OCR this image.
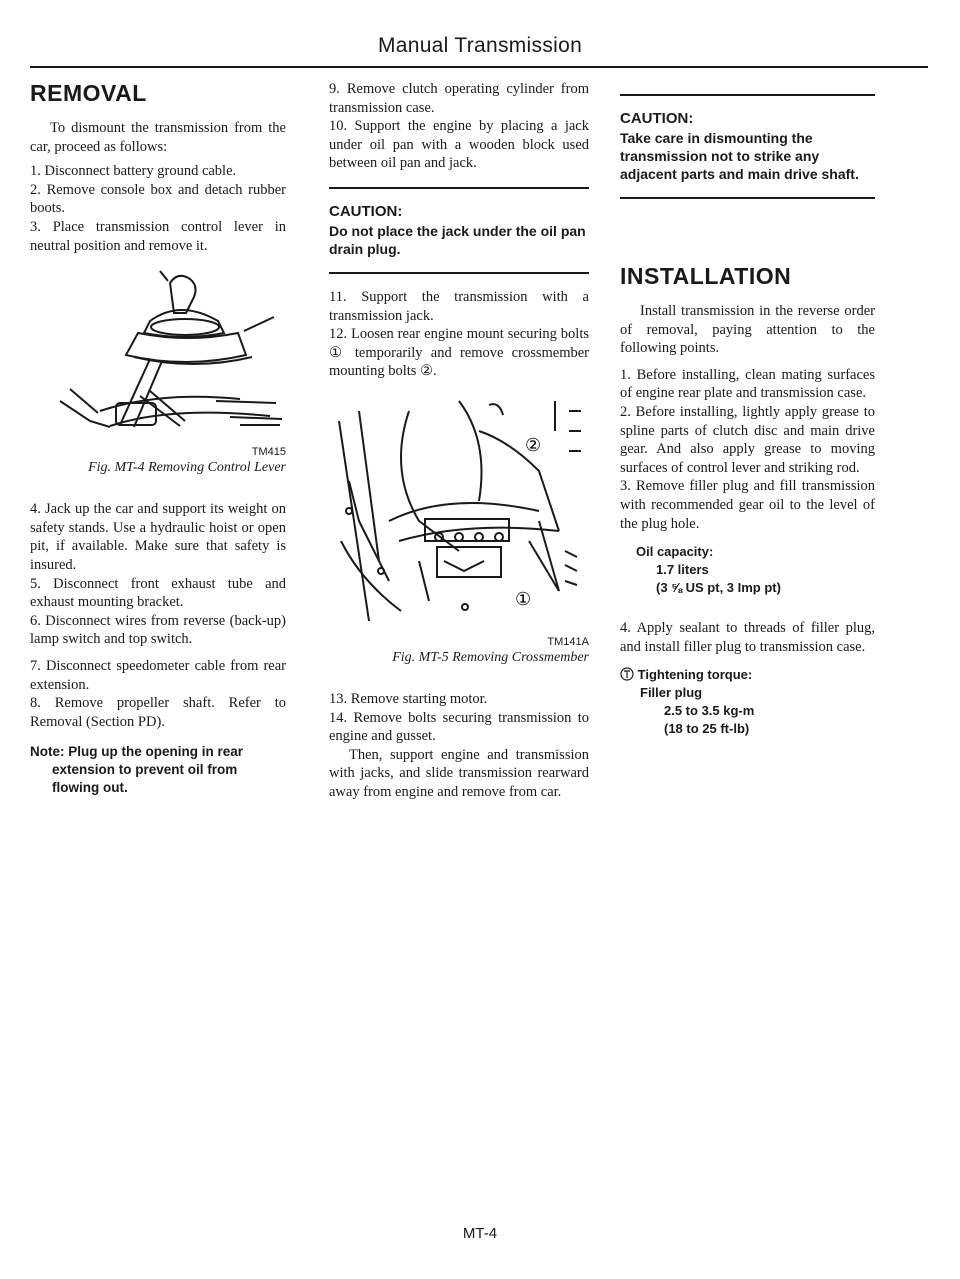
Manual Transmission
REMOVAL

To dismount the transmission from the car, proceed as follows:

1. Disconnect battery ground cable.

2. Remove console box and detach rubber boots.

3. Place transmission control lever in neutral position and remove it.

TM415
Fig. MT-4 Removing Control Lever

4. Jack up the car and support its weight on safety stands. Use a hydraulic hoist or open pit, if available. Make sure that safety is insured.

5. Disconnect front exhaust tube and exhaust mounting bracket.

6. Disconnect wires from reverse (back-up) lamp switch and top switch.

7. Disconnect speedometer cable from rear extension.

8. Remove propeller shaft. Refer to Removal (Section PD).

Note: Plug up the opening in rear extension to prevent oil from flowing out.

9. Remove clutch operating cylinder from transmission case.

10. Support the engine by placing a jack under oil pan with a wooden block used between oil pan and jack.

CAUTION:
Do not place the jack under the oil pan drain plug.

11. Support the transmission with a transmission jack.

12. Loosen rear engine mount securing bolts ① temporarily and remove crossmember mounting bolts ②.

②
①
TM141A
Fig. MT-5 Removing Crossmember

13. Remove starting motor.

14. Remove bolts securing transmission to engine and gusset.

Then, support engine and transmission with jacks, and slide transmission rearward away from engine and remove from car.

CAUTION:
Take care in dismounting the transmission not to strike any adjacent parts and main drive shaft.
INSTALLATION

Install transmission in the reverse order of removal, paying attention to the following points.

1. Before installing, clean mating surfaces of engine rear plate and transmission case.

2. Before installing, lightly apply grease to spline parts of clutch disc and main drive gear. And also apply grease to moving surfaces of control lever and striking rod.

3. Remove filler plug and fill transmission with recommended gear oil to the level of the plug hole.

Oil capacity:
1.7 liters
(3 ⅝ US pt, 3 Imp pt)

4. Apply sealant to threads of filler plug, and install filler plug to transmission case.

Tightening torque:
Filler plug
2.5 to 3.5 kg-m
(18 to 25 ft-lb)
MT-4
